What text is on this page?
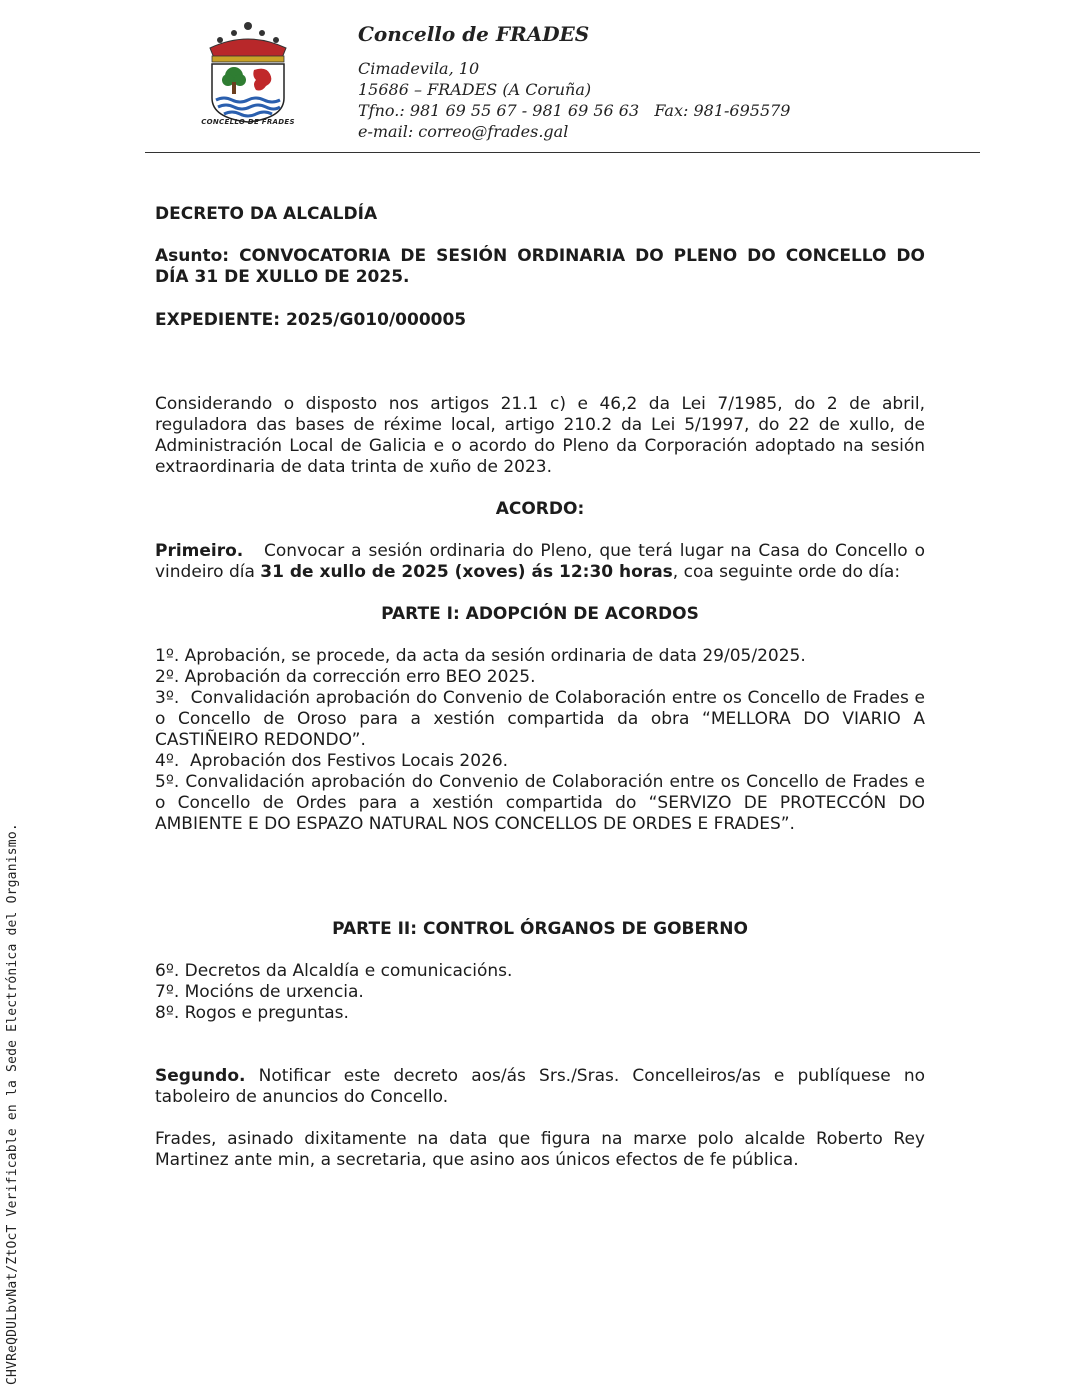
CONCELLO DE FRADES
Concello de FRADES
Cimadevila, 10
15686 – FRADES (A Coruña)
Tfno.: 981 69 55 67 - 981 69 56 63   Fax: 981-695579
e-mail: correo@frades.gal

DECRETO DA ALCALDÍA

Asunto: CONVOCATORIA DE SESIÓN ORDINARIA DO PLENO DO CONCELLO DO DÍA 31 DE XULLO DE 2025.

EXPEDIENTE: 2025/G010/000005

Considerando o disposto nos artigos 21.1 c) e 46,2 da Lei 7/1985, do 2 de abril, reguladora das bases de réxime local, artigo 210.2 da Lei 5/1997, do 22 de xullo, de Administración Local de Galicia e o acordo do Pleno da Corporación adoptado na sesión extraordinaria de data trinta de xuño de 2023.

ACORDO:

Primeiro. Convocar a sesión ordinaria do Pleno, que terá lugar na Casa do Concello o vindeiro día 31 de xullo de 2025 (xoves) ás 12:30 horas, coa seguinte orde do día:

PARTE I: ADOPCIÓN DE ACORDOS

1º. Aprobación, se procede, da acta da sesión ordinaria de data 29/05/2025.

2º. Aprobación da corrección erro BEO 2025.

3º.  Convalidación aprobación do Convenio de Colaboración entre os Concello de Frades e o Concello de Oroso para a xestión compartida da obra “MELLORA DO VIARIO A CASTIÑEIRO REDONDO”.

4º.  Aprobación dos Festivos Locais 2026.

5º. Convalidación aprobación do Convenio de Colaboración entre os Concello de Frades e o Concello de Ordes para a xestión compartida do “SERVIZO DE PROTECCÓN DO AMBIENTE E DO ESPAZO NATURAL NOS CONCELLOS DE ORDES E FRADES”.

PARTE II: CONTROL ÓRGANOS DE GOBERNO

6º. Decretos da Alcaldía e comunicacións.

7º. Mocións de urxencia.

8º. Rogos e preguntas.

Segundo. Notificar este decreto aos/ás Srs./Sras. Concelleiros/as e publíquese no taboleiro de anuncios do Concello.

Frades, asinado dixitamente na data que figura na marxe polo alcalde Roberto Rey Martinez ante min, a secretaria, que asino aos únicos efectos de fe pública.

CHVReQDULbvNat/ZtOcT Verificable en la Sede Electrónica del Organismo.
